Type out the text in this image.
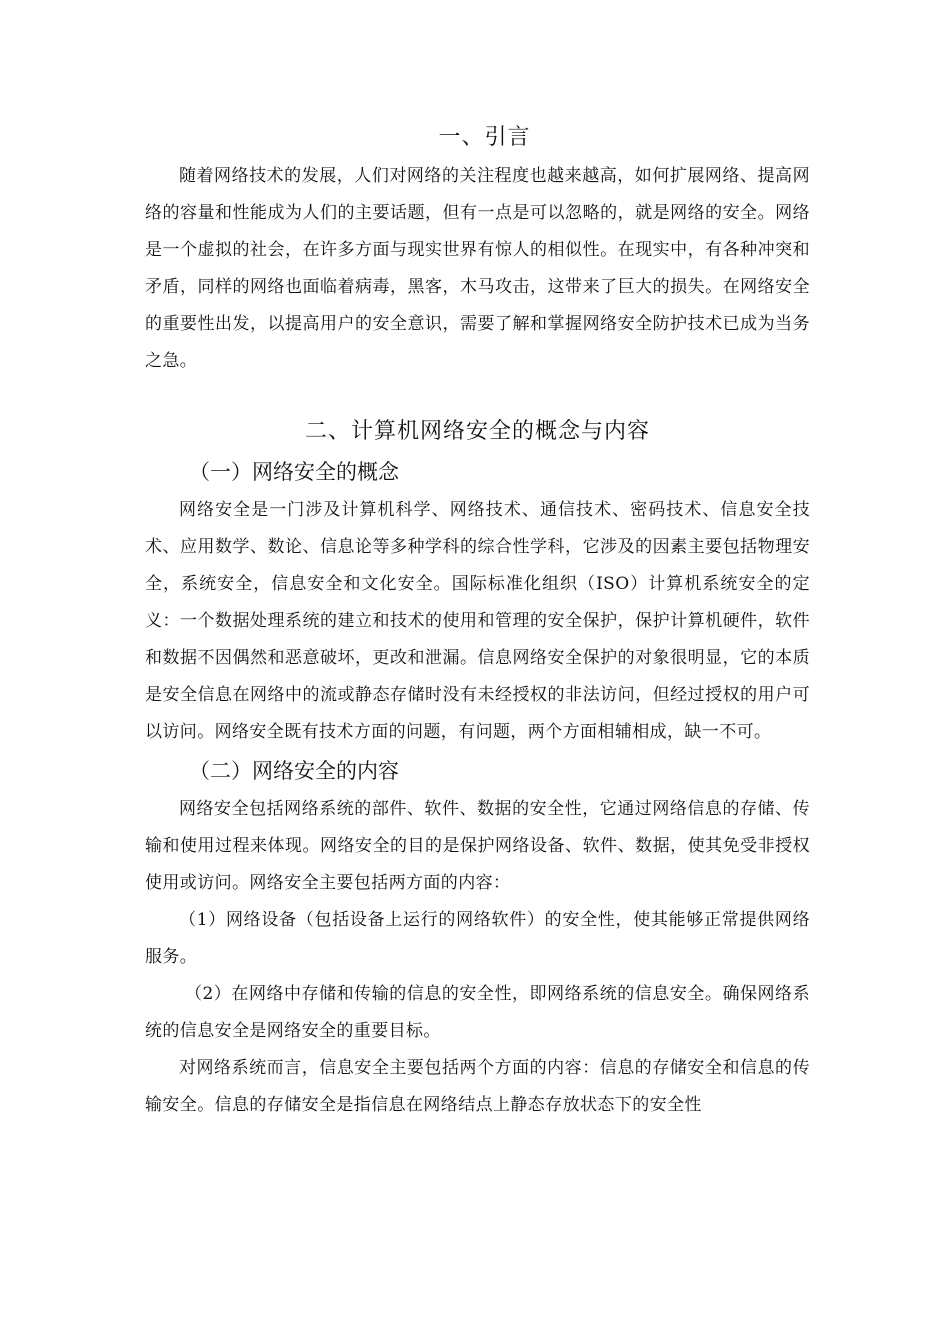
一、引言

随着网络技术的发展，人们对网络的关注程度也越来越高，如何扩展网络、提高网络的容量和性能成为人们的主要话题，但有一点是可以忽略的，就是网络的安全。网络是一个虚拟的社会，在许多方面与现实世界有惊人的相似性。在现实中，有各种冲突和矛盾，同样的网络也面临着病毒，黑客，木马攻击，这带来了巨大的损失。在网络安全的重要性出发，以提高用户的安全意识，需要了解和掌握网络安全防护技术已成为当务之急。

二、计算机网络安全的概念与内容
（一）网络安全的概念

网络安全是一门涉及计算机科学、网络技术、通信技术、密码技术、信息安全技术、应用数学、数论、信息论等多种学科的综合性学科，它涉及的因素主要包括物理安全，系统安全，信息安全和文化安全。国际标准化组织（ISO）计算机系统安全的定义：一个数据处理系统的建立和技术的使用和管理的安全保护，保护计算机硬件，软件和数据不因偶然和恶意破坏，更改和泄漏。信息网络安全保护的对象很明显，它的本质是安全信息在网络中的流或静态存储时没有未经授权的非法访问，但经过授权的用户可以访问。网络安全既有技术方面的问题，有问题，两个方面相辅相成，缺一不可。

（二）网络安全的内容

网络安全包括网络系统的部件、软件、数据的安全性，它通过网络信息的存储、传输和使用过程来体现。网络安全的目的是保护网络设备、软件、数据，使其免受非授权使用或访问。网络安全主要包括两方面的内容：

（1）网络设备（包括设备上运行的网络软件）的安全性，使其能够正常提供网络服务。

（2）在网络中存储和传输的信息的安全性，即网络系统的信息安全。确保网络系统的信息安全是网络安全的重要目标。

对网络系统而言，信息安全主要包括两个方面的内容：信息的存储安全和信息的传输安全。信息的存储安全是指信息在网络结点上静态存放状态下的安全性
